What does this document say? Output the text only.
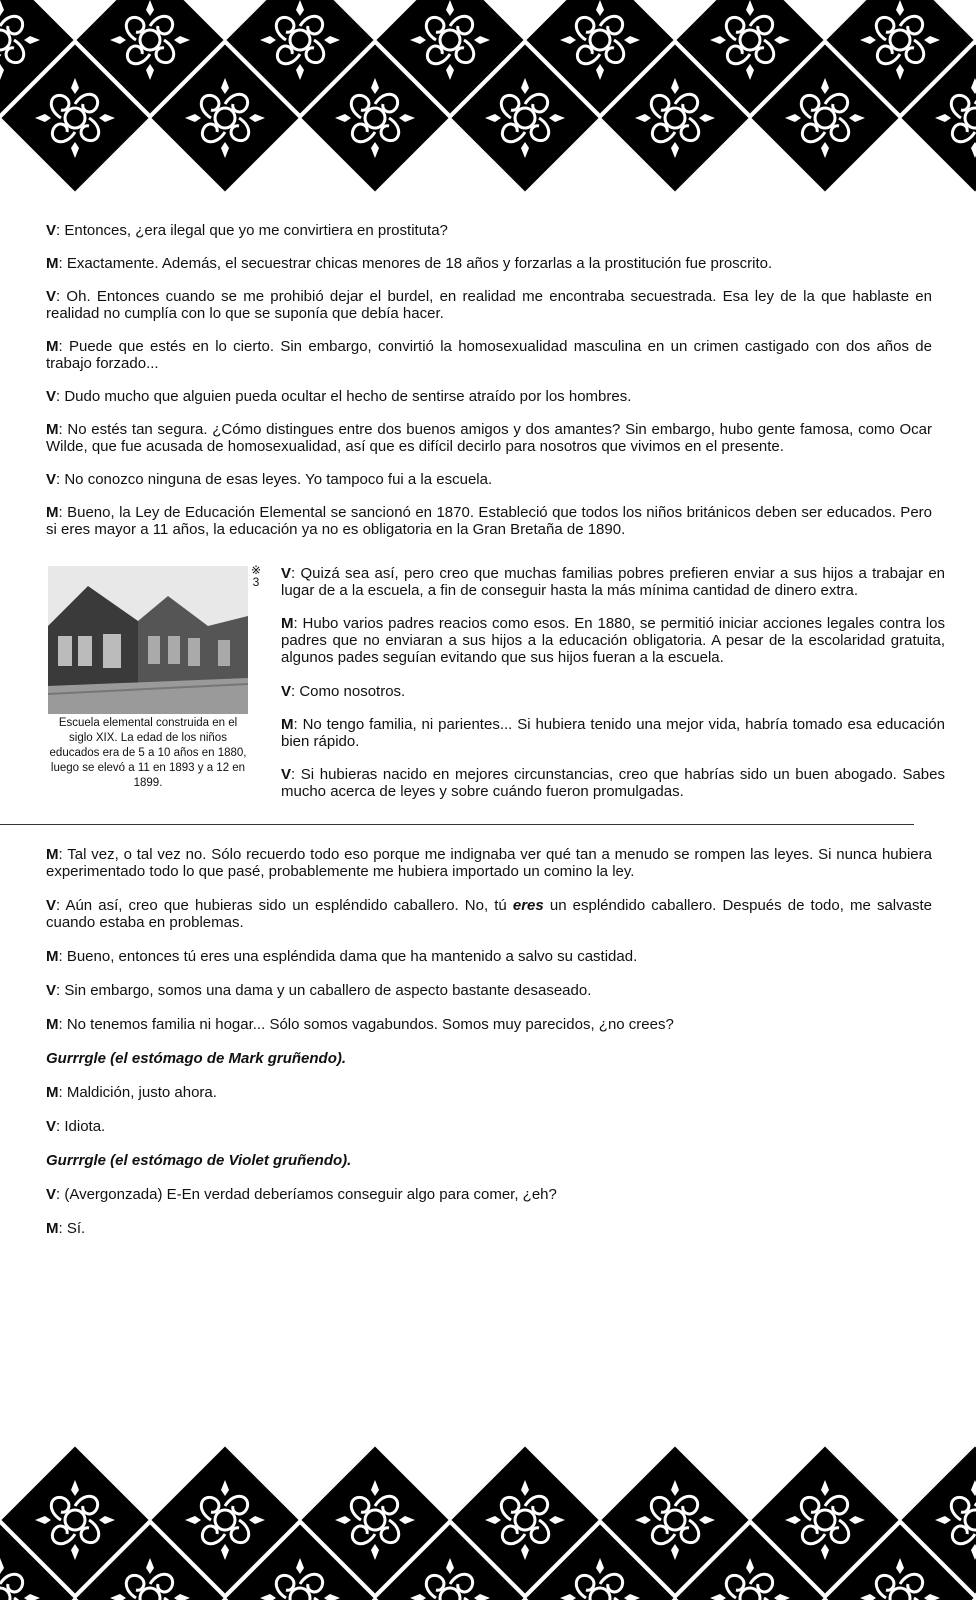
V: Entonces, ¿era ilegal que yo me convirtiera en prostituta?

M: Exactamente. Además, el secuestrar chicas menores de 18 años y forzarlas a la prostitución fue proscrito.

V: Oh. Entonces cuando se me prohibió dejar el burdel, en realidad me encontraba secuestrada. Esa ley de la que hablaste en realidad no cumplía con lo que se suponía que debía hacer.

M: Puede que estés en lo cierto. Sin embargo, convirtió la homosexualidad masculina en un crimen castigado con dos años de trabajo forzado...

V: Dudo mucho que alguien pueda ocultar el hecho de sentirse atraído por los hombres.

M: No estés tan segura. ¿Cómo distingues entre dos buenos amigos y dos amantes? Sin embargo, hubo gente famosa, como Ocar Wilde, que fue acusada de homosexualidad, así que es difícil decirlo para nosotros que vivimos en el presente.

V: No conozco ninguna de esas leyes. Yo tampoco fui a la escuela.

M: Bueno, la Ley de Educación Elemental se sancionó en 1870. Estableció que todos los niños británicos deben ser educados. Pero si eres mayor a 11 años, la educación ya no es obligatoria en la Gran Bretaña de 1890.

Escuela elemental construida en el siglo XIX. La edad de los niños educados era de 5 a 10 años en 1880, luego se elevó a 11 en 1893 y a 12 en 1899.

※
3 V: Quizá sea así, pero creo que muchas familias pobres prefieren enviar a sus hijos a trabajar en lugar de a la escuela, a fin de conseguir hasta la más mínima cantidad de dinero extra.

M: Hubo varios padres reacios como esos. En 1880, se permitió iniciar acciones legales contra los padres que no enviaran a sus hijos a la educación obligatoria. A pesar de la escolaridad gratuita, algunos pades seguían evitando que sus hijos fueran a la escuela.

V: Como nosotros.

M: No tengo familia, ni parientes... Si hubiera tenido una mejor vida, habría tomado esa educación bien rápido.

V: Si hubieras nacido en mejores circunstancias, creo que habrías sido un buen abogado. Sabes mucho acerca de leyes y sobre cuándo fueron promulgadas.

M: Tal vez, o tal vez no. Sólo recuerdo todo eso porque me indignaba ver qué tan a menudo se rompen las leyes. Si nunca hubiera experimentado todo lo que pasé, probablemente me hubiera importado un comino la ley.

V: Aún así, creo que hubieras sido un espléndido caballero. No, tú eres un espléndido caballero. Después de todo, me salvaste cuando estaba en problemas.

M: Bueno, entonces tú eres una espléndida dama que ha mantenido a salvo su castidad.

V: Sin embargo, somos una dama y un caballero de aspecto bastante desaseado.

M: No tenemos familia ni hogar... Sólo somos vagabundos. Somos muy parecidos, ¿no crees?

Gurrrgle (el estómago de Mark gruñendo).

M: Maldición, justo ahora.

V: Idiota.

Gurrrgle (el estómago de Violet gruñendo).

V: (Avergonzada) E-En verdad deberíamos conseguir algo para comer, ¿eh?

M: Sí.
